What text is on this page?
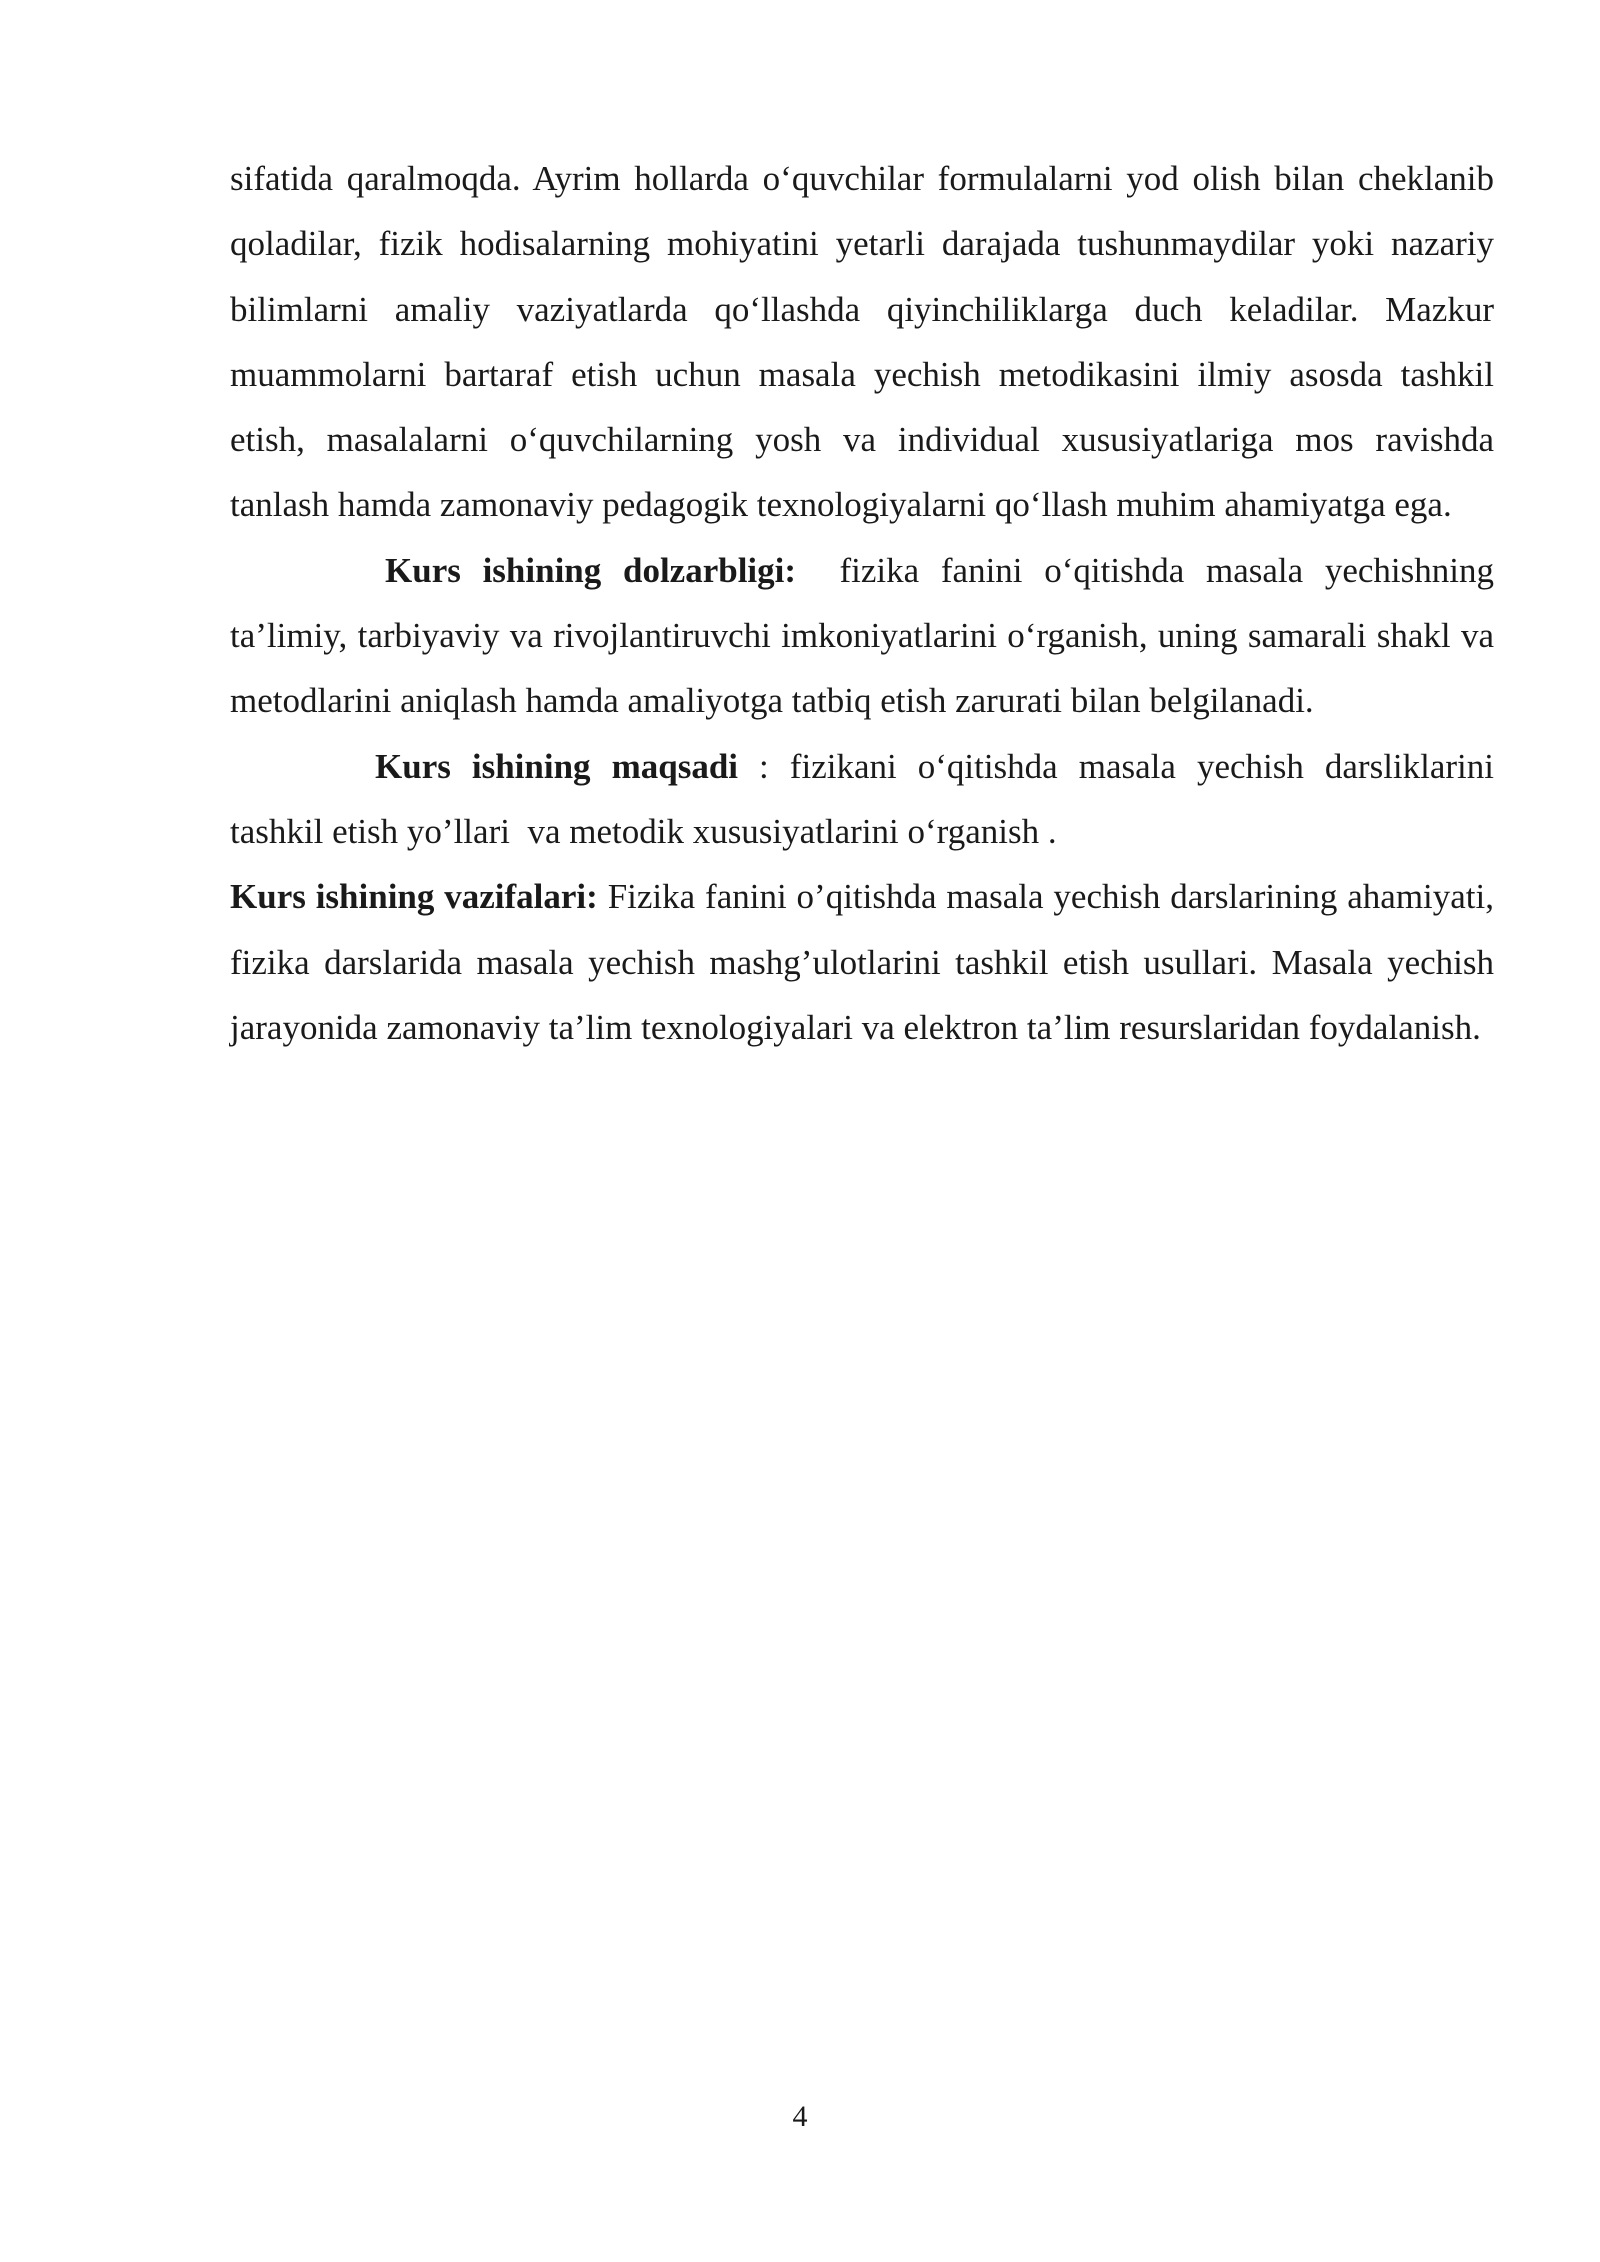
sifatida qaralmoqda. Ayrim hollarda o‘quvchilar formulalarni yod olish bilan cheklanib qoladilar, fizik hodisalarning mohiyatini yetarli darajada tushunmaydilar yoki nazariy bilimlarni amaliy vaziyatlarda qo‘llashda qiyinchiliklarga duch keladilar. Mazkur muammolarni bartaraf etish uchun masala yechish metodikasini ilmiy asosda tashkil etish, masalalarni o‘quvchilarning yosh va individual xususiyatlariga mos ravishda tanlash hamda zamonaviy pedagogik texnologiyalarni qo‘llash muhim ahamiyatga ega.

Kurs ishining dolzarbligi:  fizika fanini o‘qitishda masala yechishning ta’limiy, tarbiyaviy va rivojlantiruvchi imkoniyatlarini o‘rganish, uning samarali shakl va metodlarini aniqlash hamda amaliyotga tatbiq etish zarurati bilan belgilanadi.

Kurs ishining maqsadi : fizikani o‘qitishda masala yechish darsliklarini tashkil etish yo’llari  va metodik xususiyatlarini o‘rganish .

Kurs ishining vazifalari: Fizika fanini o’qitishda masala yechish darslarining ahamiyati, fizika darslarida masala yechish mashg’ulotlarini tashkil etish usullari. Masala yechish jarayonida zamonaviy ta’lim texnologiyalari va elektron ta’lim resurslaridan foydalanish.

4
